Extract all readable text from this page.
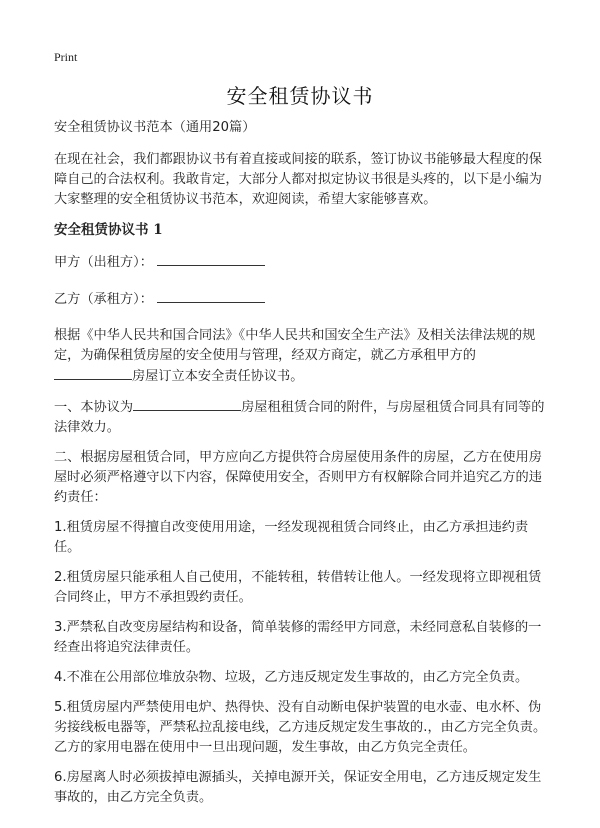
Print
安全租赁协议书

安全租赁协议书范本（通用20篇）

在现在社会，我们都跟协议书有着直接或间接的联系，签订协议书能够最大程度的保障自己的合法权利。我敢肯定，大部分人都对拟定协议书很是头疼的，以下是小编为大家整理的安全租赁协议书范本，欢迎阅读，希望大家能够喜欢。

安全租赁协议书 1

甲方（出租方）：

乙方（承租方）：

根据《中华人民共和国合同法》《中华人民共和国安全生产法》及相关法律法规的规定，为确保租赁房屋的安全使用与管理，经双方商定，就乙方承租甲方的
房屋订立本安全责任协议书。

一、本协议为	房屋租租赁合同的附件，与房屋租赁合同具有同等的法律效力。

二、根据房屋租赁合同，甲方应向乙方提供符合房屋使用条件的房屋，乙方在使用房屋时必须严格遵守以下内容，保障使用安全，否则甲方有权解除合同并追究乙方的违约责任：

1.租赁房屋不得擅自改变使用用途，一经发现视租赁合同终止，由乙方承担违约责任。

2.租赁房屋只能承租人自己使用，不能转租，转借转让他人。一经发现将立即视租赁合同终止，甲方不承担毁约责任。

3.严禁私自改变房屋结构和设备，简单装修的需经甲方同意，未经同意私自装修的一经查出将追究法律责任。

4.不准在公用部位堆放杂物、垃圾，乙方违反规定发生事故的，由乙方完全负责。

5.租赁房屋内严禁使用电炉、热得快、没有自动断电保护装置的电水壶、电水杯、伪劣接线板电器等，严禁私拉乱接电线，乙方违反规定发生事故的.，由乙方完全负责。乙方的家用电器在使用中一旦出现问题，发生事故，由乙方负完全责任。

6.房屋离人时必须拔掉电源插头，关掉电源开关，保证安全用电，乙方违反规定发生事故的，由乙方完全负责。
